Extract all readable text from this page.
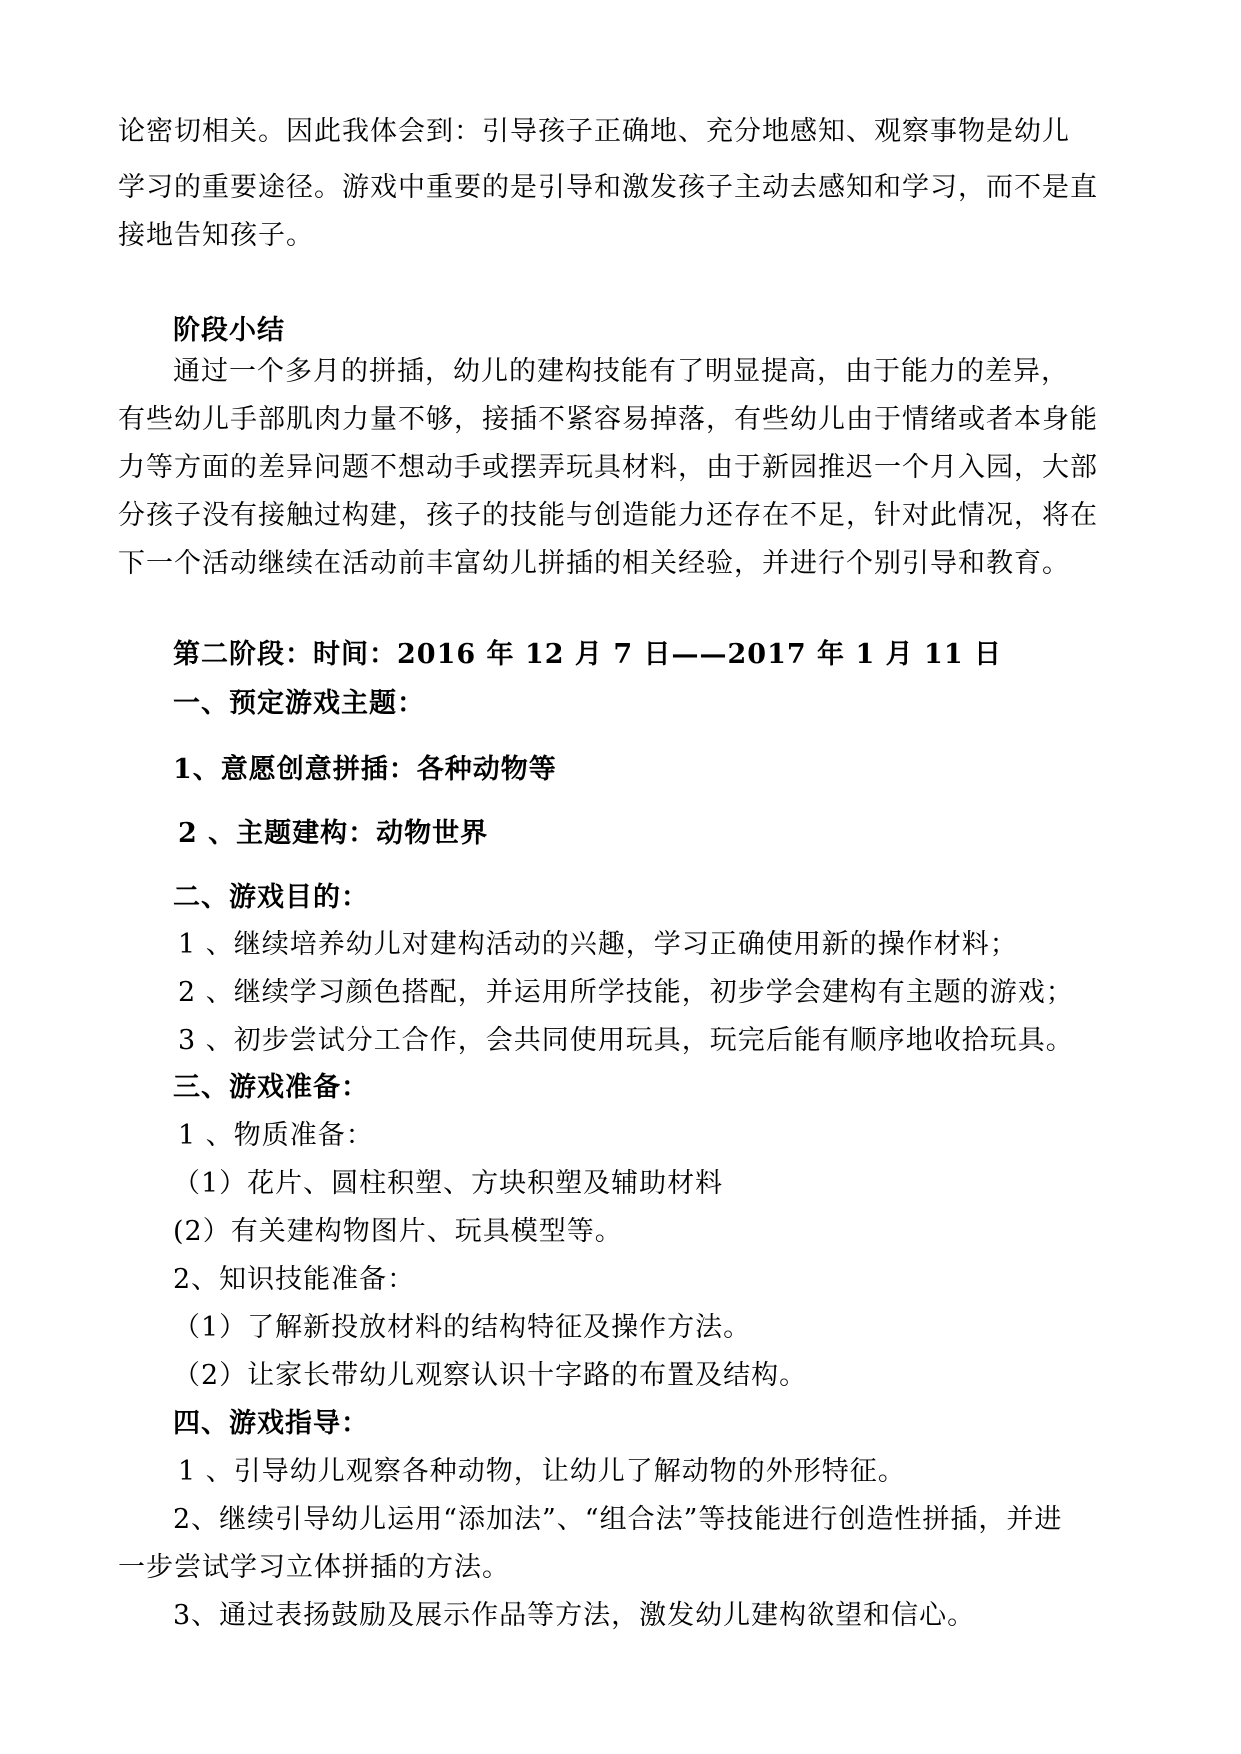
论密切相关。因此我体会到：引导孩子正确地、充分地感知、观察事物是幼儿
学习的重要途径。游戏中重要的是引导和激发孩子主动去感知和学习，而不是直
接地告知孩子。
阶段小结
通过一个多月的拼插，幼儿的建构技能有了明显提高，由于能力的差异，
有些幼儿手部肌肉力量不够，接插不紧容易掉落，有些幼儿由于情绪或者本身能
力等方面的差异问题不想动手或摆弄玩具材料，由于新园推迟一个月入园，大部
分孩子没有接触过构建，孩子的技能与创造能力还存在不足，针对此情况，将在
下一个活动继续在活动前丰富幼儿拼插的相关经验，并进行个别引导和教育。
第二阶段：时间：2016 年 12 月 7 日——2017 年 1 月 11 日
一、预定游戏主题：
1、意愿创意拼插：各种动物等
2 、主题建构：动物世界
二、游戏目的：
1 、继续培养幼儿对建构活动的兴趣，学习正确使用新的操作材料；
2 、继续学习颜色搭配，并运用所学技能，初步学会建构有主题的游戏；
3 、初步尝试分工合作，会共同使用玩具，玩完后能有顺序地收拾玩具。
三、游戏准备：
1 、物质准备：
（1）花片、圆柱积塑、方块积塑及辅助材料
(2）有关建构物图片、玩具模型等。
2、知识技能准备：
（1）了解新投放材料的结构特征及操作方法。
（2）让家长带幼儿观察认识十字路的布置及结构。
四、游戏指导：
1 、引导幼儿观察各种动物，让幼儿了解动物的外形特征。
2、继续引导幼儿运用“添加法”、“组合法”等技能进行创造性拼插，并进
一步尝试学习立体拼插的方法。
3、通过表扬鼓励及展示作品等方法，激发幼儿建构欲望和信心。
